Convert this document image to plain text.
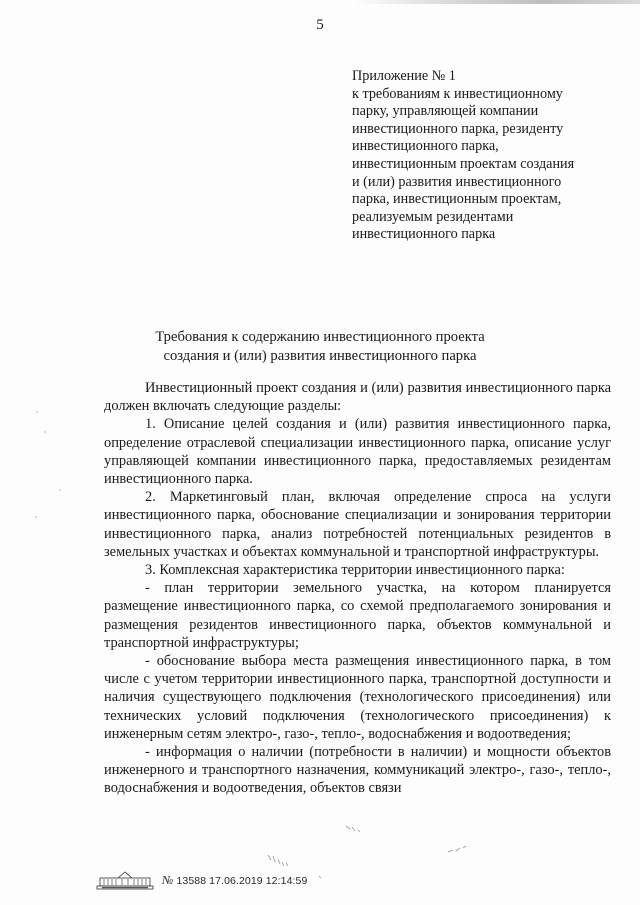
5
Приложение № 1
к требованиям к инвестиционному
парку, управляющей компании
инвестиционного парка, резиденту
инвестиционного парка,
инвестиционным проектам создания
и (или) развития инвестиционного
парка, инвестиционным проектам,
реализуемым резидентами
инвестиционного парка
Требования к содержанию инвестиционного проекта
создания и (или) развития инвестиционного парка

Инвестиционный проект создания и (или) развития инвестиционного парка должен включать следующие разделы:

1. Описание целей создания и (или) развития инвестиционного парка, определение отраслевой специализации инвестиционного парка, описание услуг управляющей компании инвестиционного парка, предоставляемых резидентам инвестиционного парка.

2. Маркетинговый план, включая определение спроса на услуги инвестиционного парка, обоснование специализации и зонирования территории инвестиционного парка, анализ потребностей потенциальных резидентов в земельных участках и объектах коммунальной и транспортной инфраструктуры.

3. Комплексная характеристика территории инвестиционного парка:

- план территории земельного участка, на котором планируется размещение инвестиционного парка, со схемой предполагаемого зонирования и размещения резидентов инвестиционного парка, объектов коммунальной и транспортной инфраструктуры;

- обоснование выбора места размещения инвестиционного парка, в том числе с учетом территории инвестиционного парка, транспортной доступности и наличия существующего подключения (технологического присоединения) или технических условий подключения (технологического присоединения) к инженерным сетям электро-, газо-, тепло-, водоснабжения и водоотведения;

- информация о наличии (потребности в наличии) и мощности объектов инженерного и транспортного назначения, коммуникаций электро-, газо-, тепло-, водоснабжения и водоотведения, объектов связи

№ 13588 17.06.2019 12:14:59
